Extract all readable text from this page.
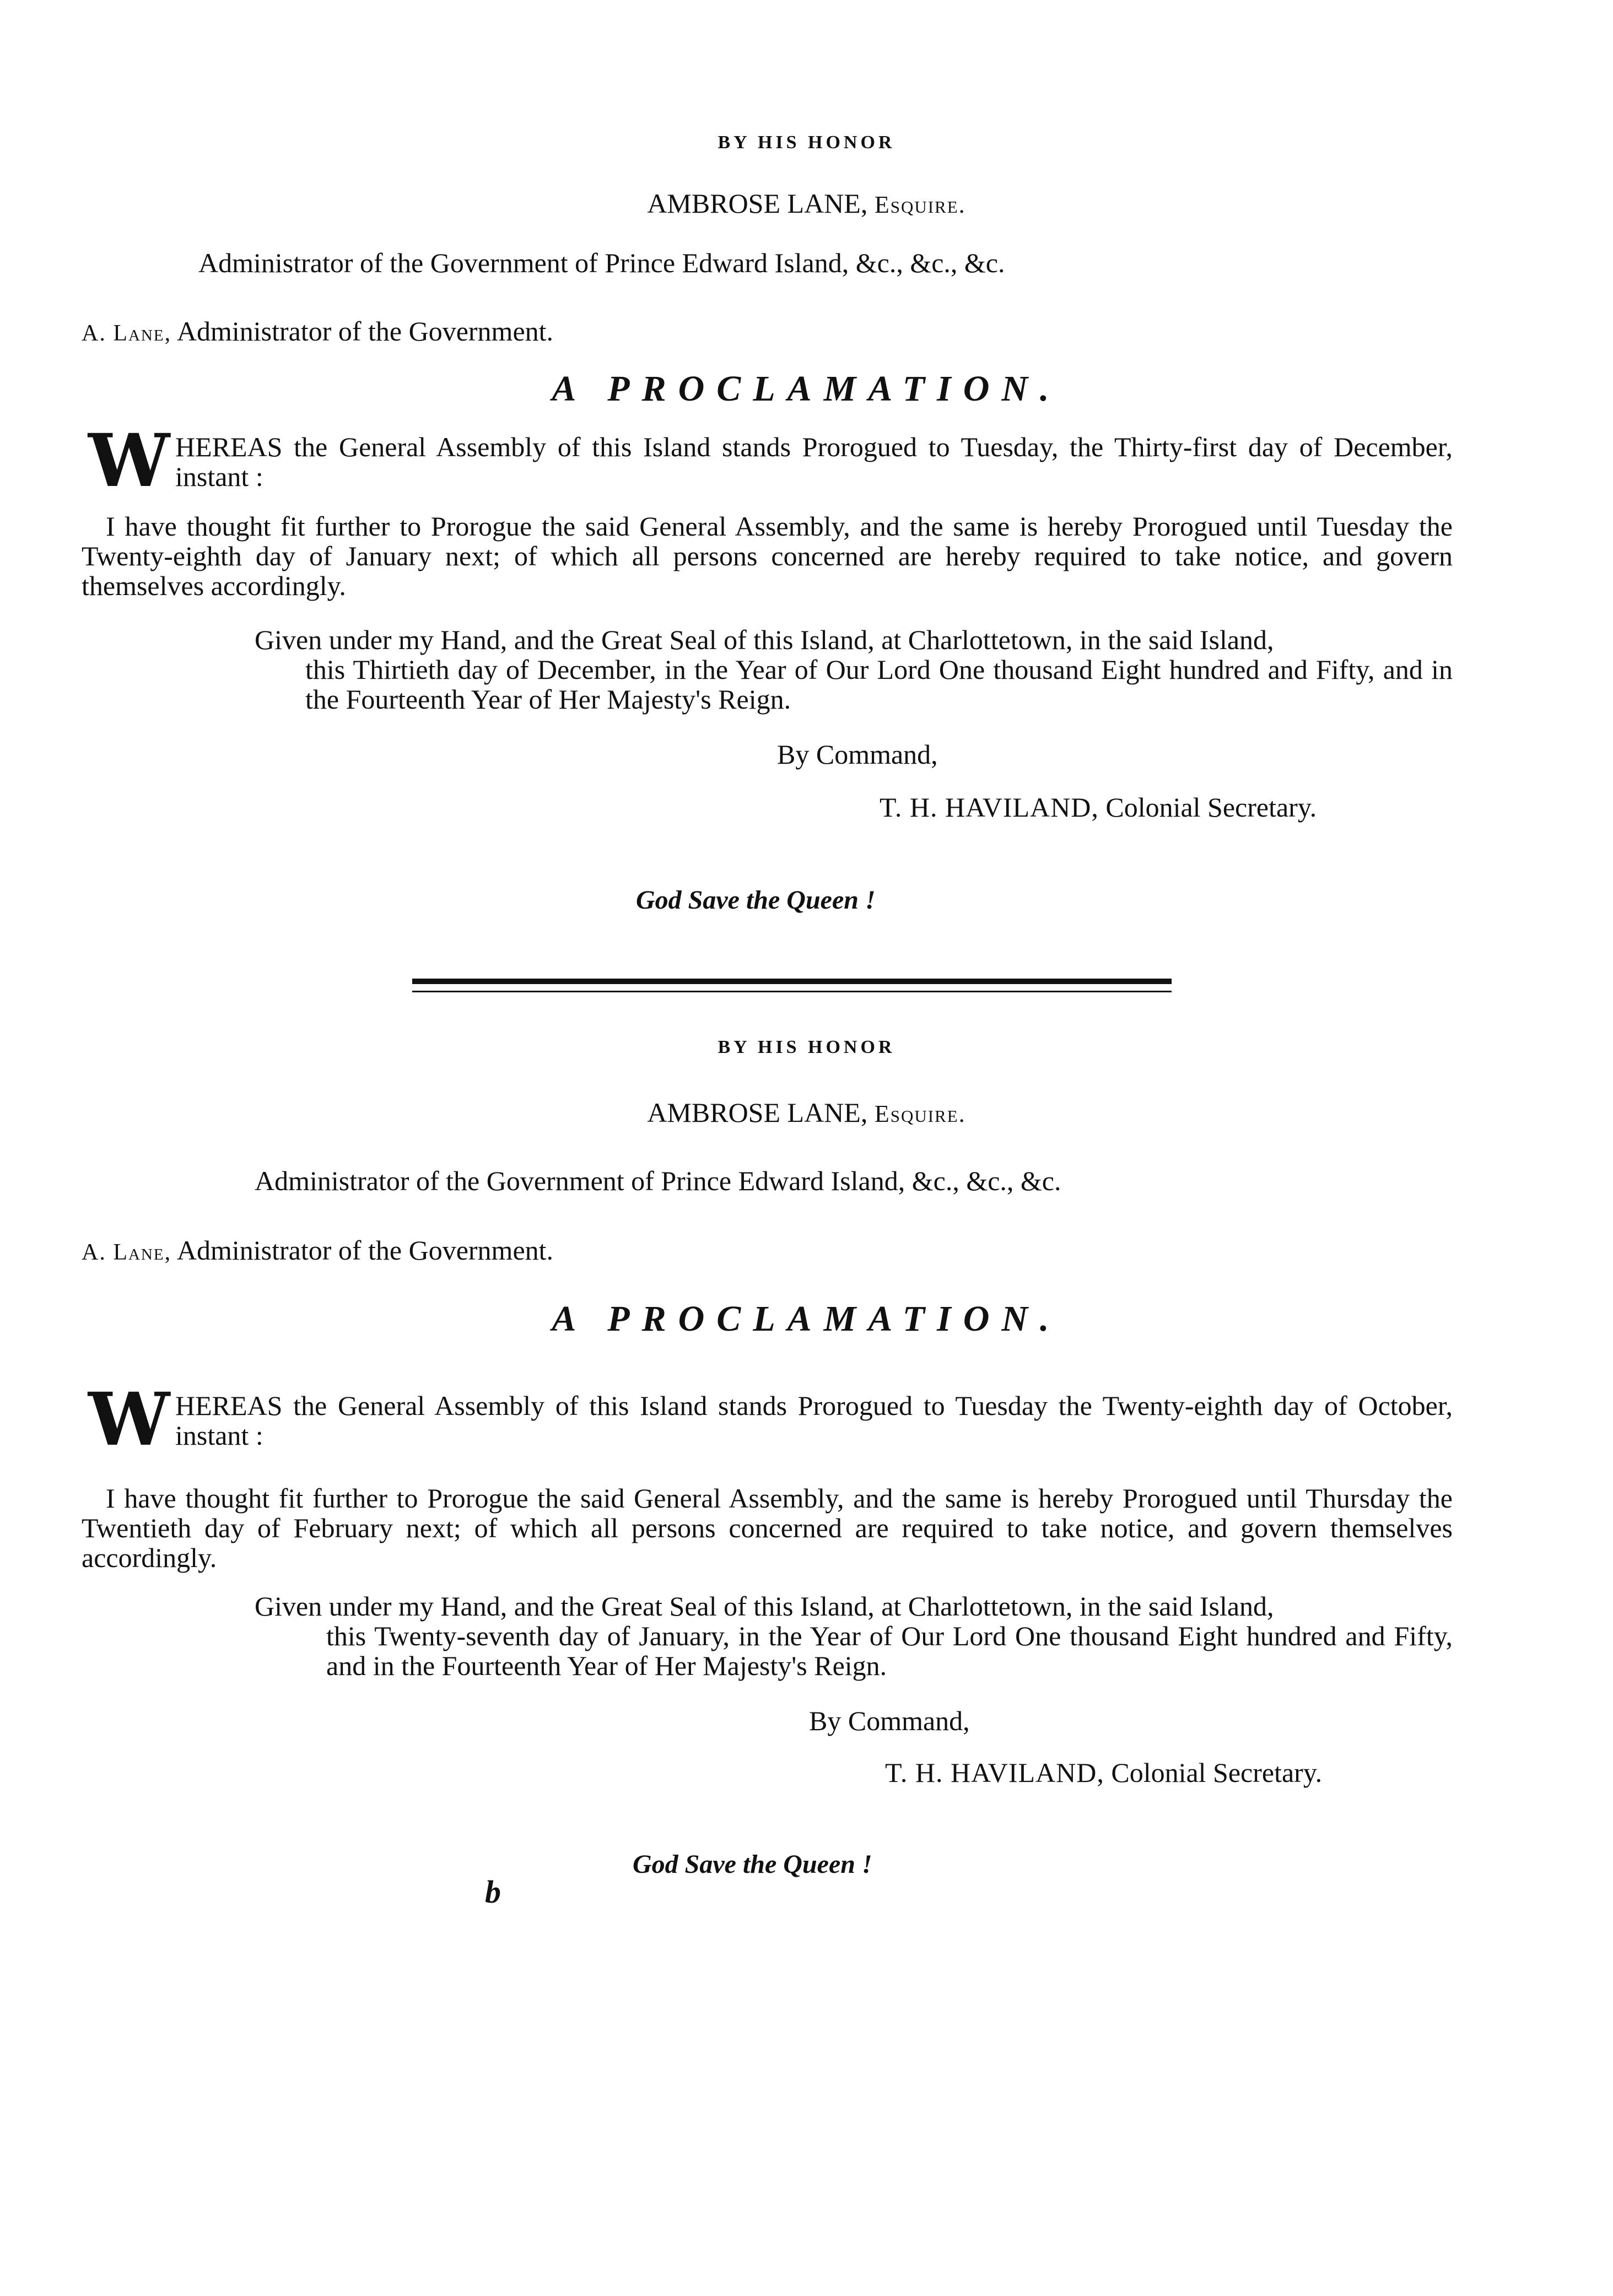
BY HIS HONOR
AMBROSE LANE, Esquire.
Administrator of the Government of Prince Edward Island, &c., &c., &c.
A. Lane, Administrator of the Government.
A PROCLAMATION.
W HEREAS the General Assembly of this Island stands Prorogued to Tuesday, the Thirty-first day of December, instant :
I have thought fit further to Prorogue the said General Assembly, and the same is hereby Prorogued until Tuesday the Twenty-eighth day of January next; of which all persons concerned are hereby required to take notice, and govern themselves accordingly.
Given under my Hand, and the Great Seal of this Island, at Charlottetown, in the said Island,
this Thirtieth day of December, in the Year of Our Lord One thousand Eight hundred and Fifty, and in the Fourteenth Year of Her Majesty's Reign.
By Command,
T. H. HAVILAND, Colonial Secretary.
God Save the Queen !
BY HIS HONOR
AMBROSE LANE, Esquire.
Administrator of the Government of Prince Edward Island, &c., &c., &c.
A. Lane, Administrator of the Government.
A PROCLAMATION.
W HEREAS the General Assembly of this Island stands Prorogued to Tuesday the Twenty-eighth day of October, instant :
I have thought fit further to Prorogue the said General Assembly, and the same is hereby Prorogued until Thursday the Twentieth day of February next; of which all persons concerned are required to take notice, and govern themselves accordingly.
Given under my Hand, and the Great Seal of this Island, at Charlottetown, in the said Island,
this Twenty-seventh day of January, in the Year of Our Lord One thousand Eight hundred and Fifty, and in the Fourteenth Year of Her Majesty's Reign.
By Command,
T. H. HAVILAND, Colonial Secretary.
God Save the Queen !
b
